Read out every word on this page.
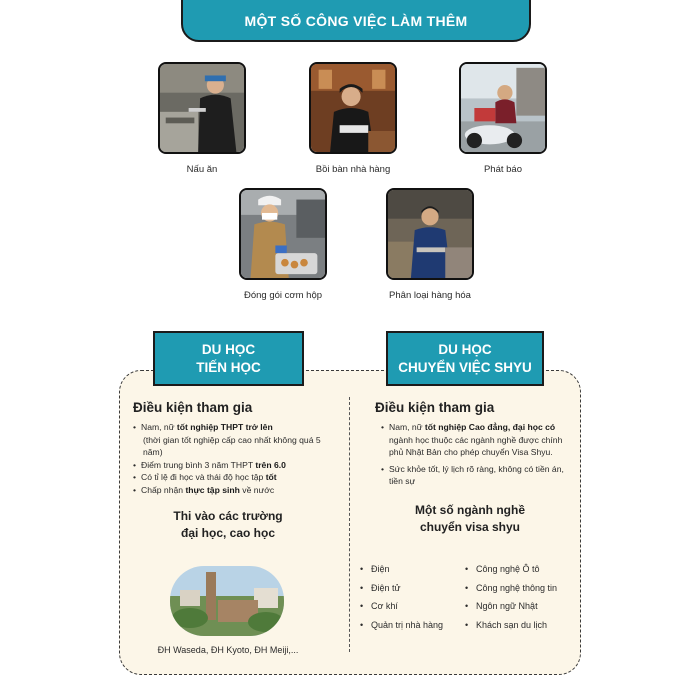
MỘT SỐ CÔNG VIỆC LÀM THÊM
Nấu ăn	Bồi bàn nhà hàng	Phát báo
Đóng gói cơm hộp	Phân loại hàng hóa
DU HỌC
TIẾN HỌC
DU HỌC
CHUYỂN VIỆC SHYU
Điều kiện tham gia
• Nam, nữ tốt nghiệp THPT trở lên
(thời gian tốt nghiệp cấp cao nhất không quá 5 năm)
• Điểm trung bình 3 năm THPT trên 6.0
• Có tỉ lệ đi học và thái độ học tập tốt
• Chấp nhận thực tập sinh về nước
Thi vào các trường
đại học, cao học
ĐH Waseda, ĐH Kyoto, ĐH Meiji,...
Điều kiện tham gia
• Nam, nữ tốt nghiệp Cao đẳng, đại học có ngành học thuộc các ngành nghề được chính phủ Nhật Bản cho phép chuyển Visa Shyu.
• Sức khỏe tốt, lý lịch rõ ràng, không có tiền án, tiền sự
Một số ngành nghề
chuyển visa shyu
• Điện
• Điện tử
• Cơ khí
• Quản trị nhà hàng
• Công nghệ Ô tô
• Công nghệ thông tin
• Ngôn ngữ Nhật
• Khách sạn du lịch
